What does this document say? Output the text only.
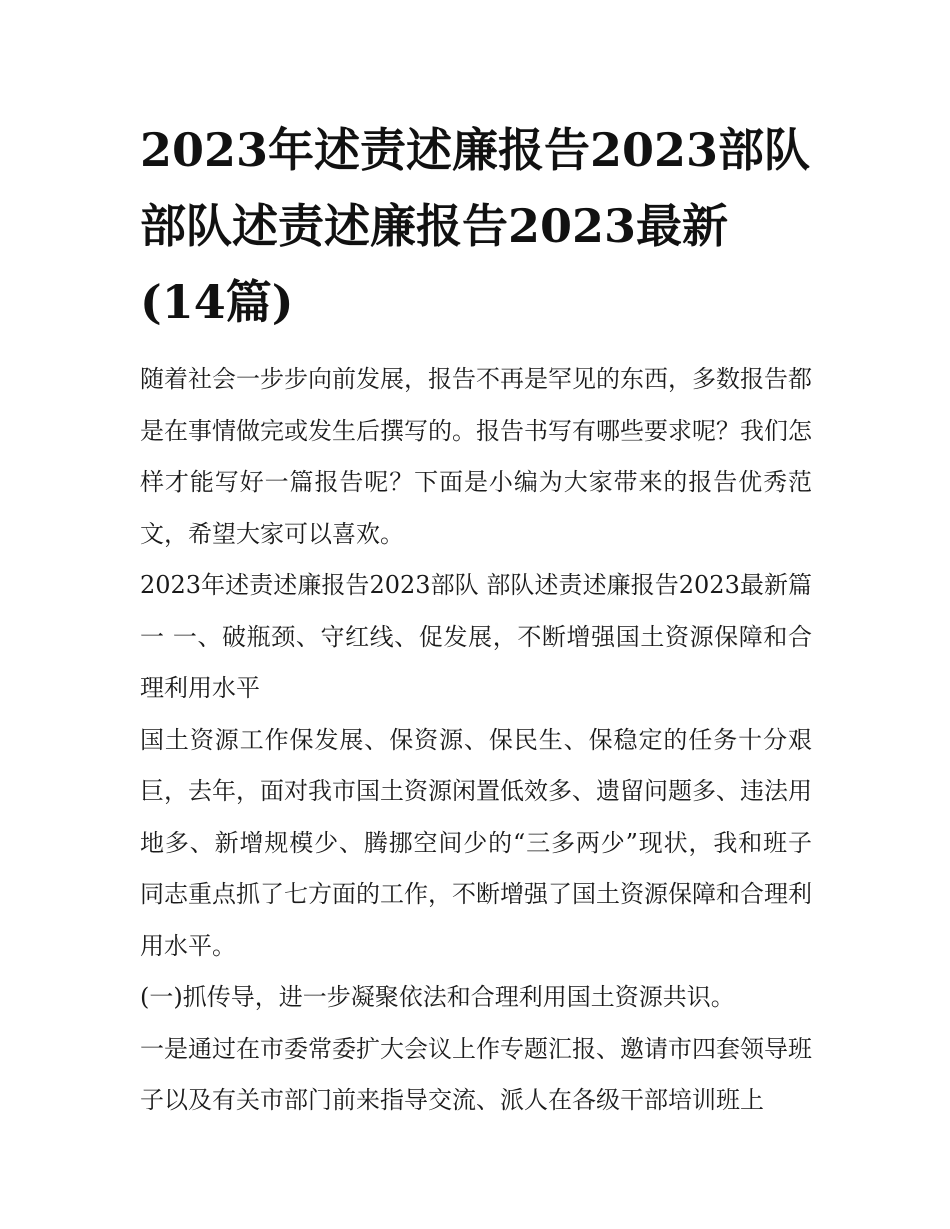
2023年述责述廉报告2023部队 部队述责述廉报告2023最新(14篇)

随着社会一步步向前发展，报告不再是罕见的东西，多数报告都是在事情做完或发生后撰写的。报告书写有哪些要求呢？我们怎样才能写好一篇报告呢？下面是小编为大家带来的报告优秀范文，希望大家可以喜欢。

2023年述责述廉报告2023部队 部队述责述廉报告2023最新篇一 一、破瓶颈、守红线、促发展，不断增强国土资源保障和合理利用水平

国土资源工作保发展、保资源、保民生、保稳定的任务十分艰巨，去年，面对我市国土资源闲置低效多、遗留问题多、违法用地多、新增规模少、腾挪空间少的“三多两少”现状，我和班子同志重点抓了七方面的工作，不断增强了国土资源保障和合理利用水平。

(一)抓传导，进一步凝聚依法和合理利用国土资源共识。

一是通过在市委常委扩大会议上作专题汇报、邀请市四套领导班子以及有关市部门前来指导交流、派人在各级干部培训班上
